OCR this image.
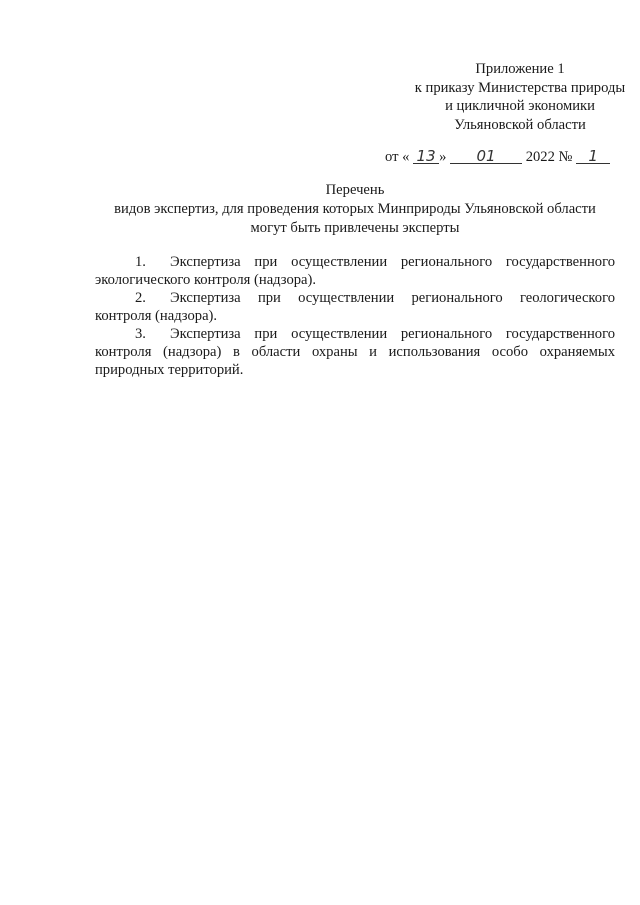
Приложение 1
к приказу Министерства природы
и цикличной экономики
Ульяновской области
от « 13 » 01 2022 № 1
Перечень
видов экспертиз, для проведения которых Минприроды Ульяновской области
могут быть привлечены эксперты
1.	Экспертиза при осуществлении регионального государственного
экологического контроля (надзора).
2.	Экспертиза при осуществлении регионального геологического
контроля (надзора).
3.	Экспертиза при осуществлении регионального государственного
контроля (надзора) в области охраны и использования особо охраняемых
природных территорий.
